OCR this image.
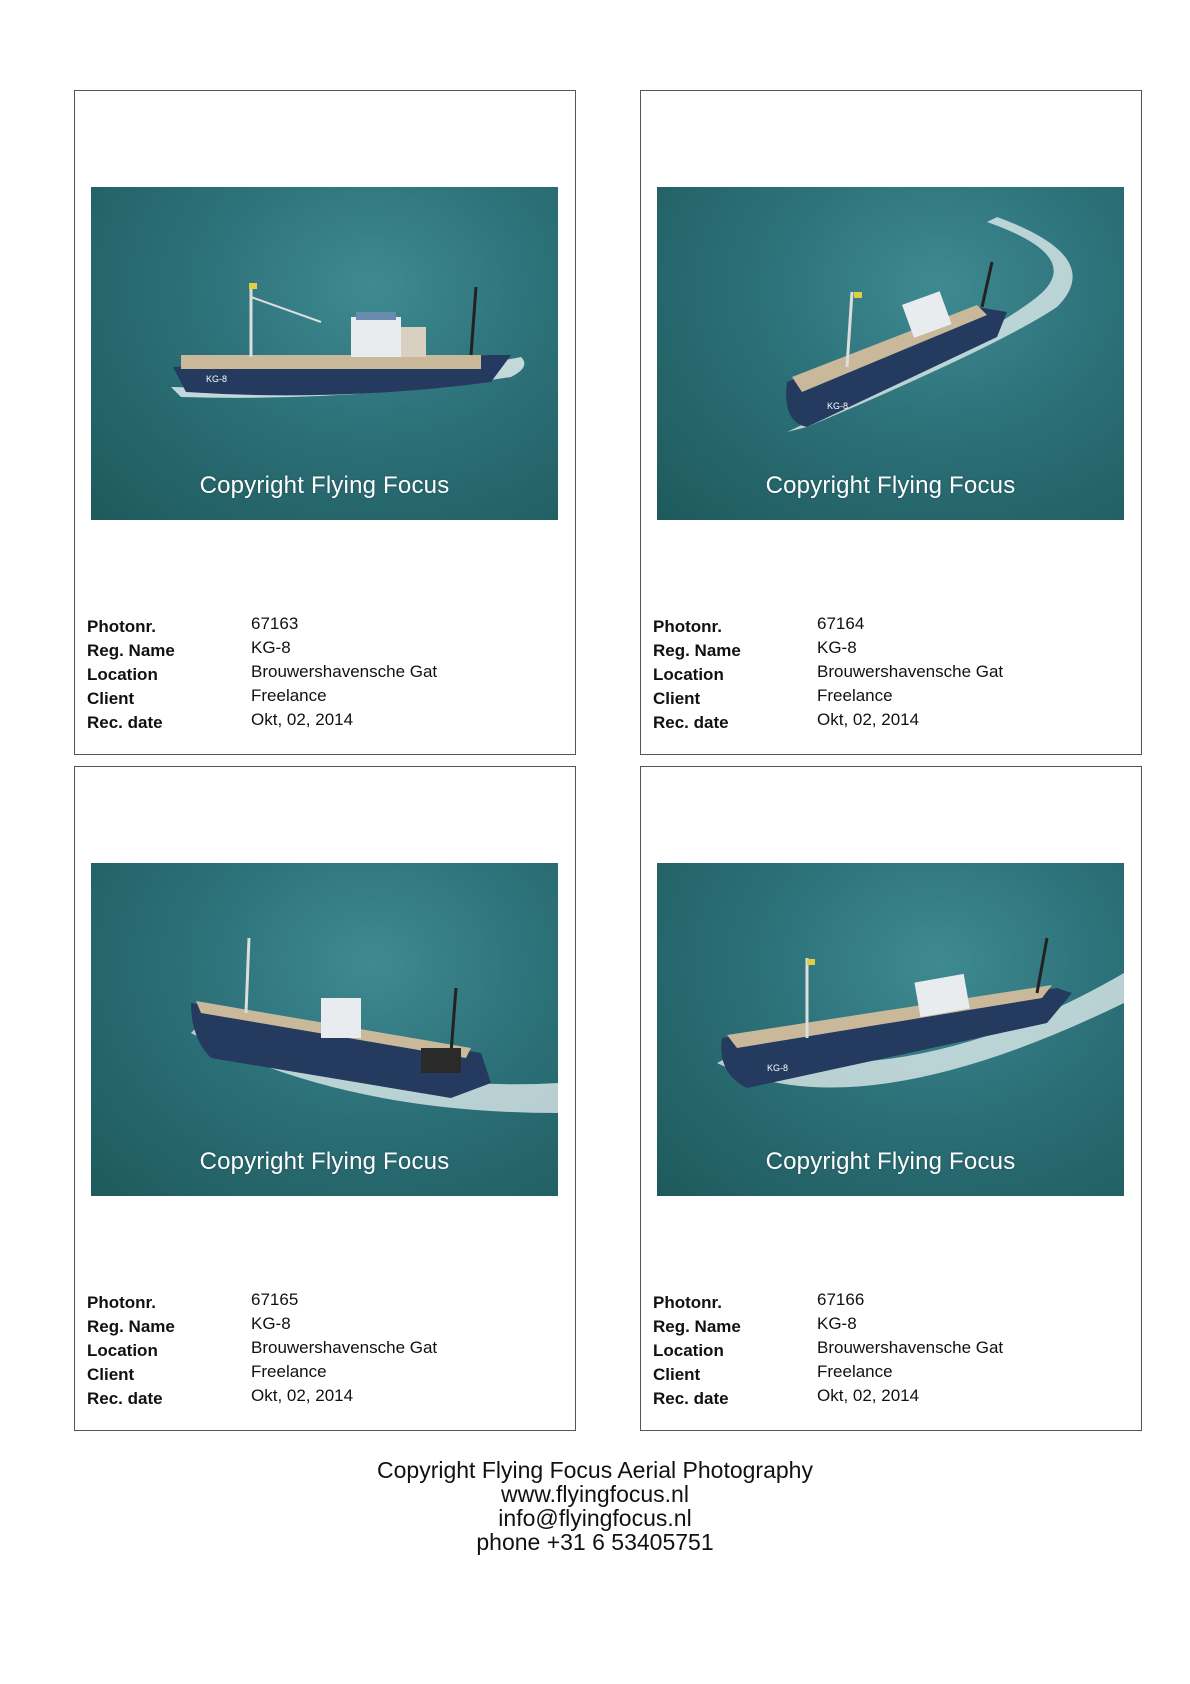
KG-8
Copyright Flying Focus
Photonr.	67163
Reg. Name	KG-8
Location	Brouwershavensche Gat
Client	Freelance
Rec. date	Okt, 02, 2014
KG-8
Copyright Flying Focus
Photonr.	67164
Reg. Name	KG-8
Location	Brouwershavensche Gat
Client	Freelance
Rec. date	Okt, 02, 2014
Copyright Flying Focus
Photonr.	67165
Reg. Name	KG-8
Location	Brouwershavensche Gat
Client	Freelance
Rec. date	Okt, 02, 2014
KG-8
Copyright Flying Focus
Photonr.	67166
Reg. Name	KG-8
Location	Brouwershavensche Gat
Client	Freelance
Rec. date	Okt, 02, 2014
Copyright Flying Focus Aerial Photography
www.flyingfocus.nl
info@flyingfocus.nl
phone +31 6 53405751
